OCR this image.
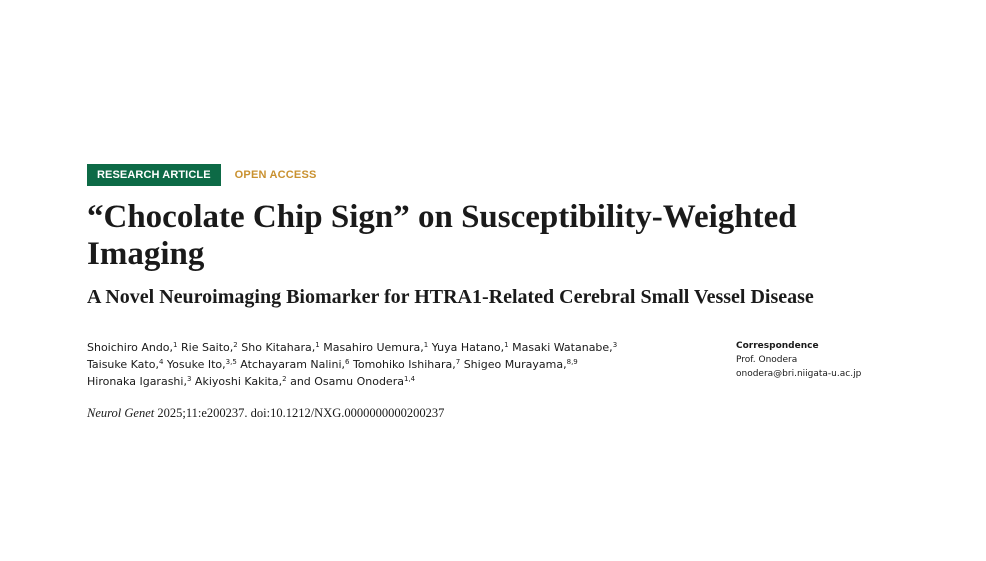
RESEARCH ARTICLE	OPEN ACCESS
“Chocolate Chip Sign” on Susceptibility-Weighted Imaging
A Novel Neuroimaging Biomarker for HTRA1-Related Cerebral Small Vessel Disease
Shoichiro Ando,$^1$ Rie Saito,$^2$ Sho Kitahara,$^1$ Masahiro Uemura,$^1$ Yuya Hatano,$^1$ Masaki Watanabe,$^3$
Taisuke Kato,$^4$ Yosuke Ito,$^{3,5}$ Atchayaram Nalini,$^6$ Tomohiko Ishihara,$^7$ Shigeo Murayama,$^{8,9}$
Hironaka Igarashi,$^3$ Akiyoshi Kakita,$^2$ and Osamu Onodera$^{1,4}$
Correspondence
Prof. Onodera
onodera@bri.niigata-u.ac.jp
Neurol Genet 2025;11:e200237. doi:10.1212/NXG.0000000000200237
